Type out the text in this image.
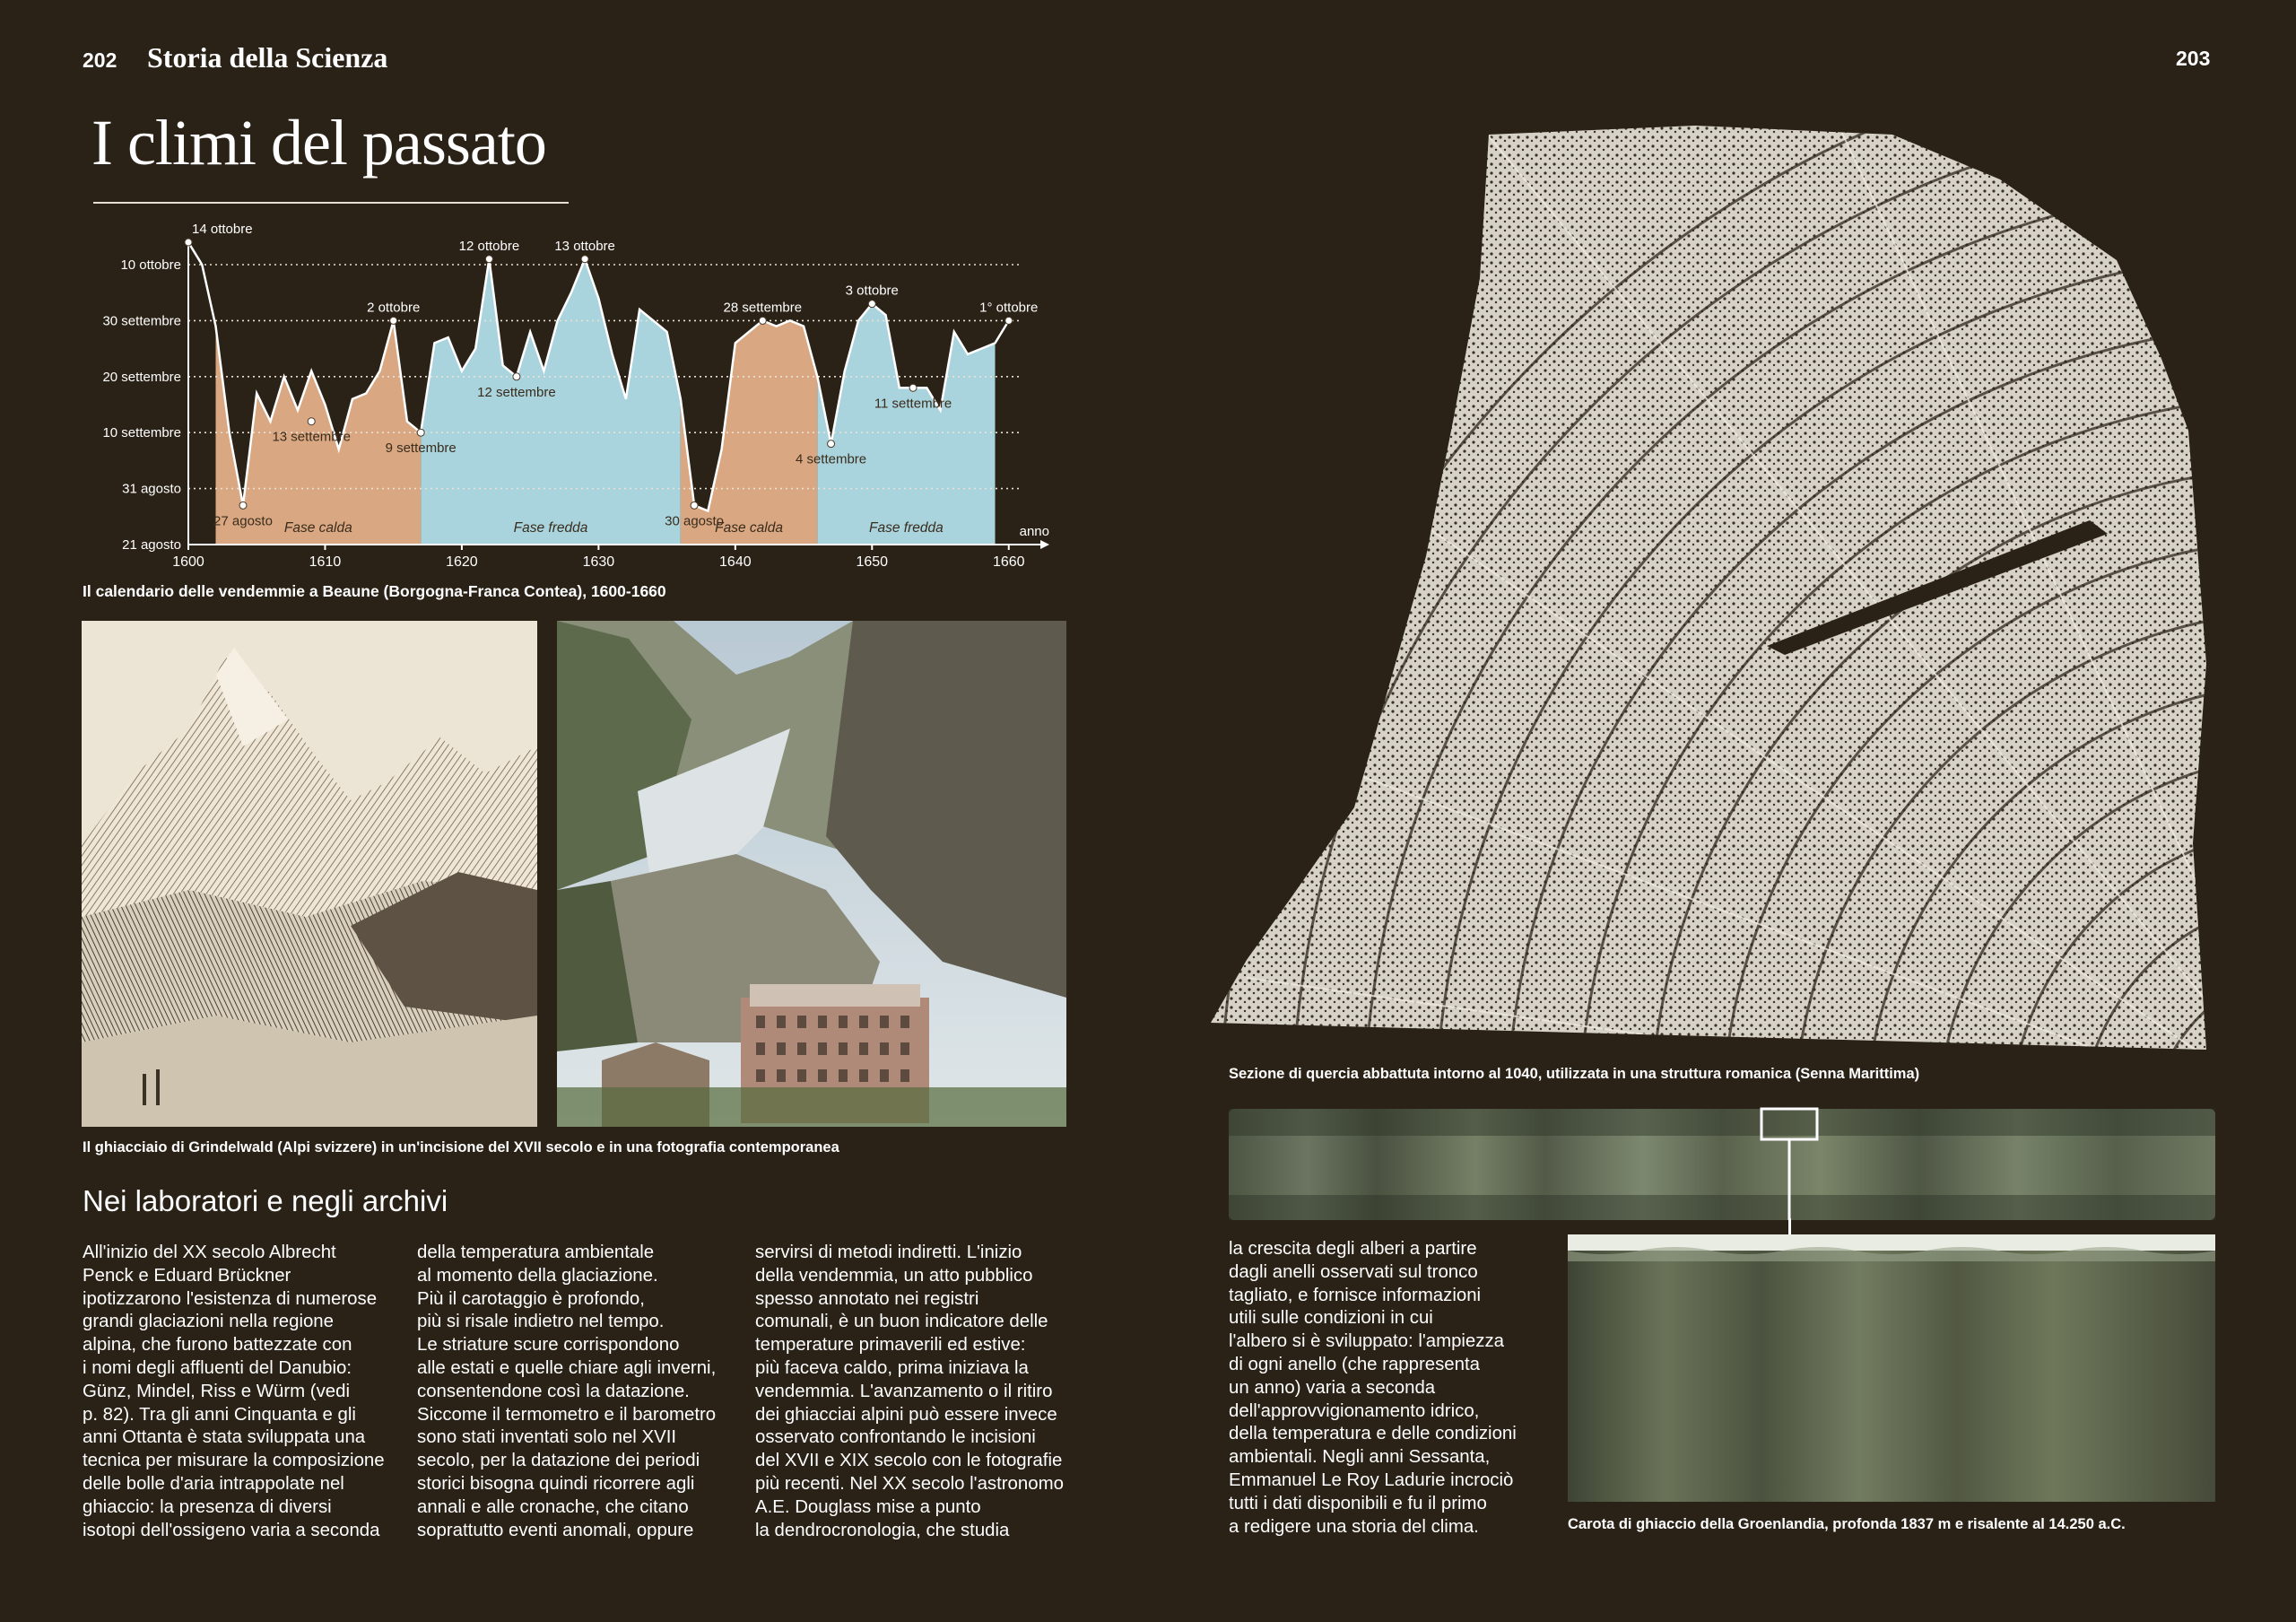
202 Storia della Scienza	203
I climi del passato
21 agosto
31 agosto
10 settembre
20 settembre
30 settembre
10 ottobre
1600	1610	1620	1630	1640	1650	1660
anno
Fase calda	Fase fredda	Fase calda	Fase fredda
14 ottobre
27 agosto
13 settembre
2 ottobre
9 settembre
12 ottobre
12 settembre
13 ottobre
30 agosto
28 settembre
4 settembre
3 ottobre
11 settembre
1° ottobre
Il calendario delle vendemmie a Beaune (Borgogna-Franca Contea), 1600-1660
Il ghiacciaio di Grindelwald (Alpi svizzere) in un'incisione del XVII secolo e in una fotografia contemporanea
Nei laboratori e negli archivi

All'inizio del XX secolo Albrecht

Penck e Eduard Brückner

ipotizzarono l'esistenza di numerose

grandi glaciazioni nella regione

alpina, che furono battezzate con

i nomi degli affluenti del Danubio:

Günz, Mindel, Riss e Würm (vedi

p. 82). Tra gli anni Cinquanta e gli

anni Ottanta è stata sviluppata una

tecnica per misurare la composizione

delle bolle d'aria intrappolate nel

ghiaccio: la presenza di diversi

isotopi dell'ossigeno varia a seconda

della temperatura ambientale

al momento della glaciazione.

Più il carotaggio è profondo,

più si risale indietro nel tempo.

Le striature scure corrispondono

alle estati e quelle chiare agli inverni,

consentendone così la datazione.

Siccome il termometro e il barometro

sono stati inventati solo nel XVII

secolo, per la datazione dei periodi

storici bisogna quindi ricorrere agli

annali e alle cronache, che citano

soprattutto eventi anomali, oppure

servirsi di metodi indiretti. L'inizio

della vendemmia, un atto pubblico

spesso annotato nei registri

comunali, è un buon indicatore delle

temperature primaverili ed estive:

più faceva caldo, prima iniziava la

vendemmia. L'avanzamento o il ritiro

dei ghiacciai alpini può essere invece

osservato confrontando le incisioni

del XVII e XIX secolo con le fotografie

più recenti. Nel XX secolo l'astronomo

A.E. Douglass mise a punto

la dendrocronologia, che studia

la crescita degli alberi a partire

dagli anelli osservati sul tronco

tagliato, e fornisce informazioni

utili sulle condizioni in cui

l'albero si è sviluppato: l'ampiezza

di ogni anello (che rappresenta

un anno) varia a seconda

dell'approvvigionamento idrico,

della temperatura e delle condizioni

ambientali. Negli anni Sessanta,

Emmanuel Le Roy Ladurie incrociò

tutti i dati disponibili e fu il primo

a redigere una storia del clima.

Sezione di quercia abbattuta intorno al 1040, utilizzata in una struttura romanica (Senna Marittima)
Carota di ghiaccio della Groenlandia, profonda 1837 m e risalente al 14.250 a.C.
